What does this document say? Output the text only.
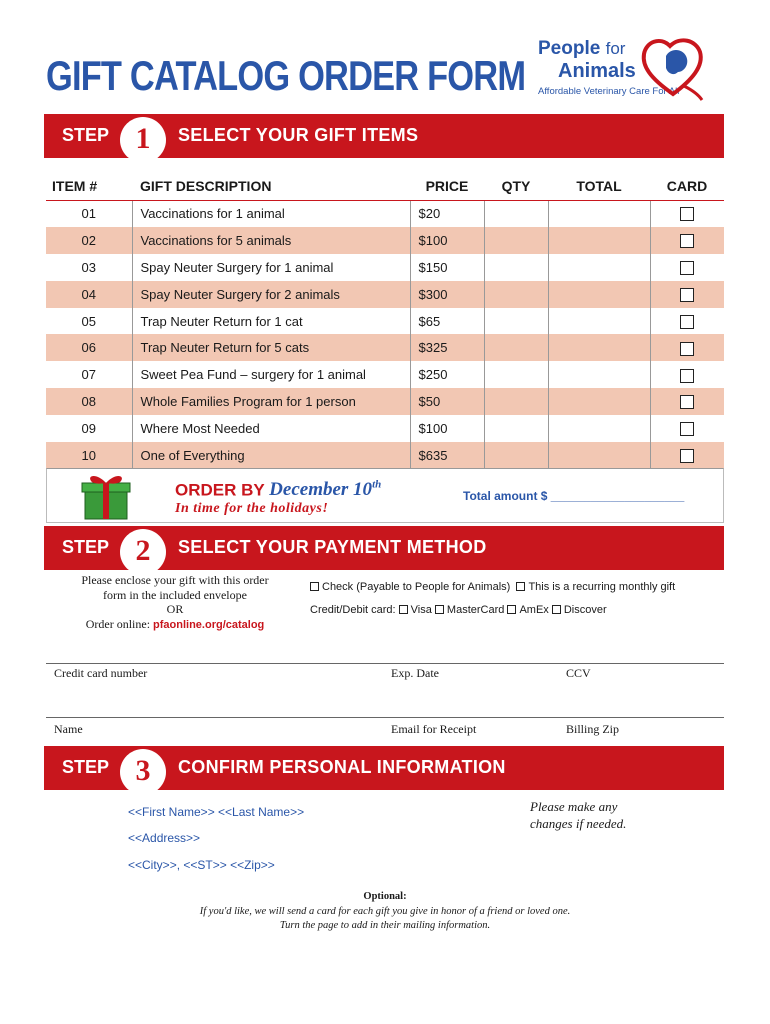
GIFT CATALOG ORDER FORM
People for
Animals
Affordable Veterinary Care For All
STEP 1	SELECT YOUR GIFT ITEMS
ITEM #	GIFT DESCRIPTION	PRICE	QTY	TOTAL	CARD
01	Vaccinations for 1 animal	$20			
02	Vaccinations for 5 animals	$100			
03	Spay Neuter Surgery for 1 animal	$150			
04	Spay Neuter Surgery for 2 animals	$300			
05	Trap Neuter Return for 1 cat	$65			
06	Trap Neuter Return for 5 cats	$325			
07	Sweet Pea Fund – surgery for 1 animal	$250			
08	Whole Families Program for 1 person	$50			
09	Where Most Needed	$100			
10	One of Everything	$635			
ORDER BY December 10th
In time for the holidays!
Total amount $ ____________________
STEP 2	SELECT YOUR PAYMENT METHOD
Please enclose your gift with this order
form in the included envelope
OR
Order online: pfaonline.org/catalog
Check (Payable to People for Animals) This is a recurring monthly gift
Credit/Debit card: Visa MasterCard AmEx Discover
Credit card number	Exp. Date	CCV
Name	Email for Receipt	Billing Zip
STEP 3	CONFIRM PERSONAL INFORMATION
<<First Name>> <<Last Name>>
<<Address>>
<<City>>, <<ST>> <<Zip>>
Please make any
changes if needed.
Optional:
If you'd like, we will send a card for each gift you give in honor of a friend or loved one.
Turn the page to add in their mailing information.
